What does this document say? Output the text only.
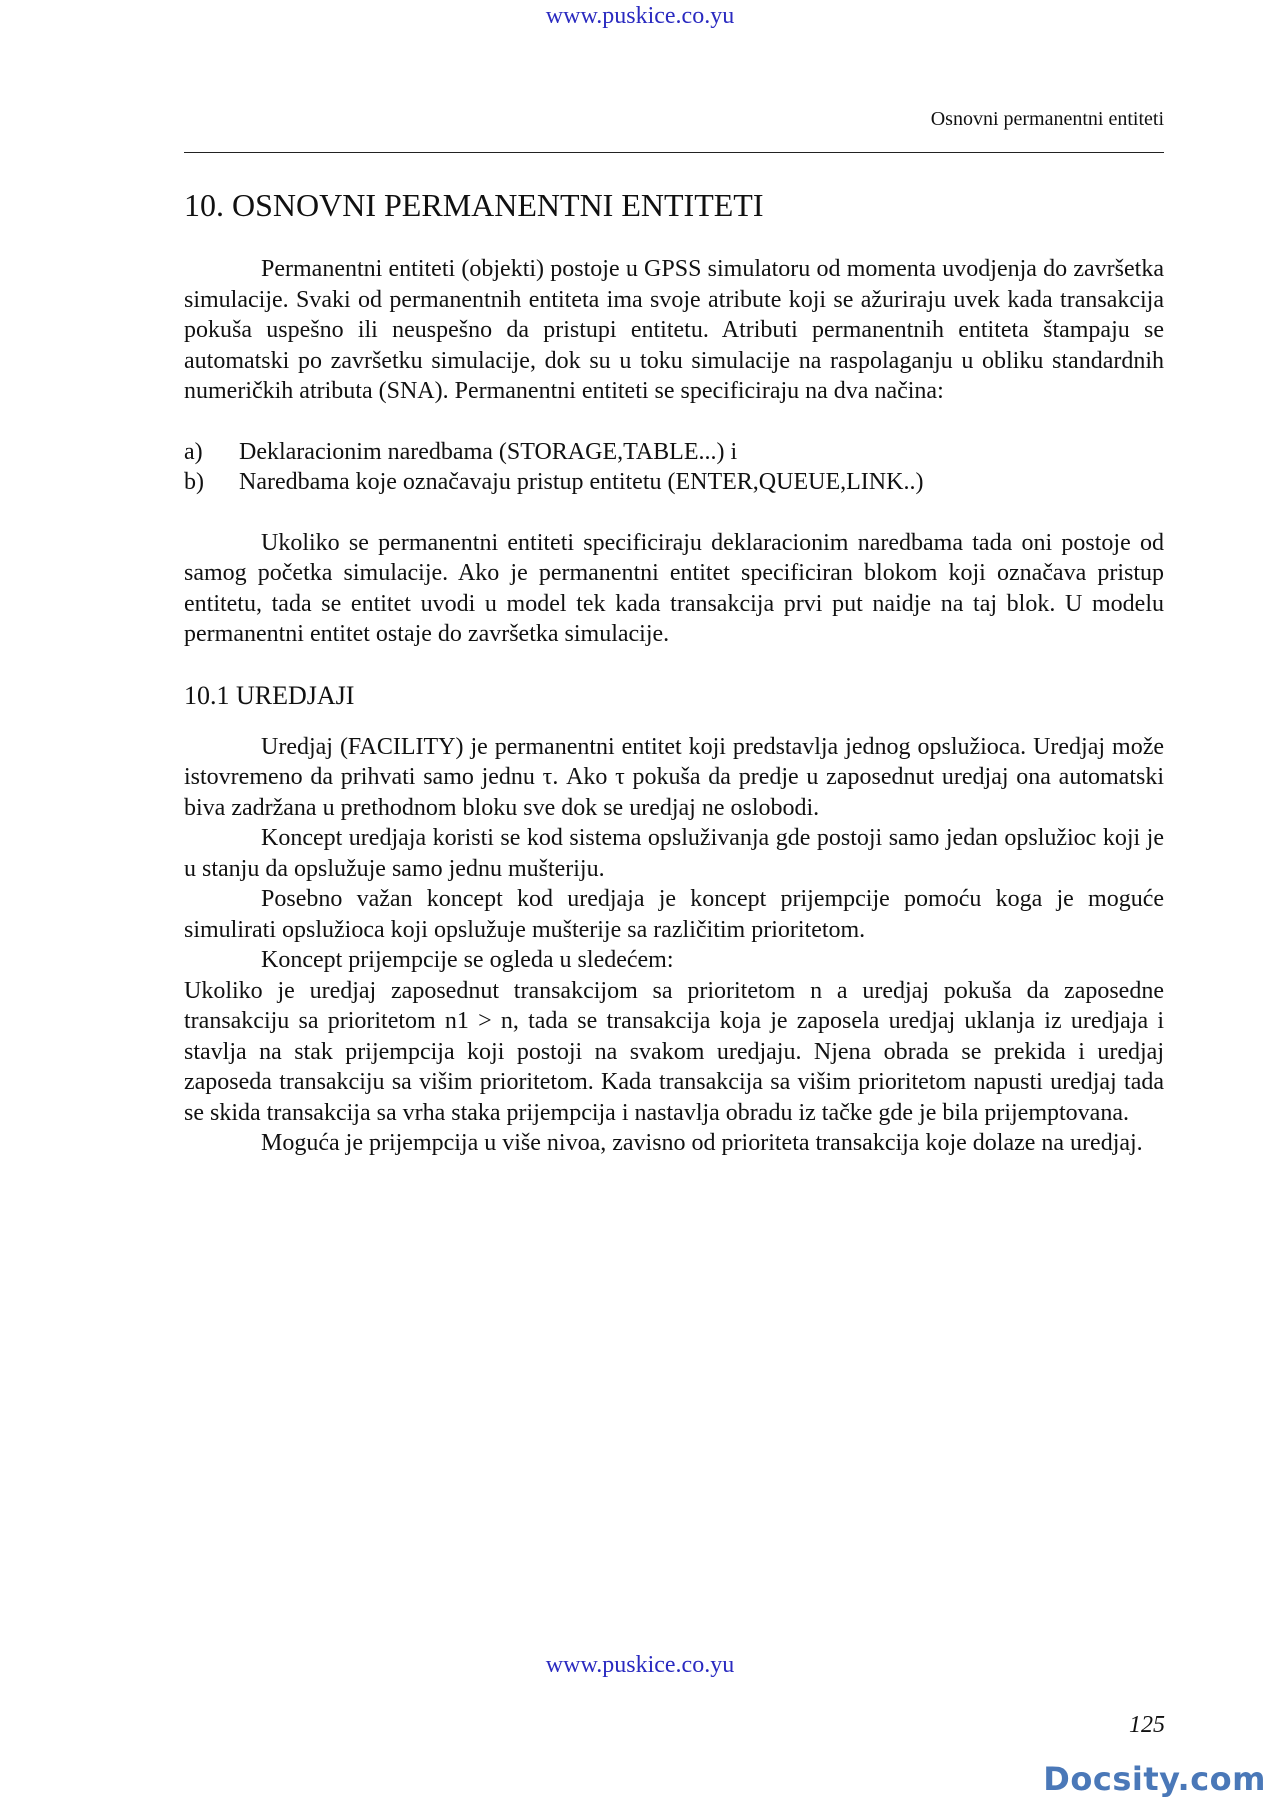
www.puskice.co.yu
Osnovni permanentni entiteti
10. OSNOVNI PERMANENTNI ENTITETI

Permanentni entiteti (objekti) postoje u GPSS simulatoru od momenta uvodjenja do završetka simulacije. Svaki od permanentnih entiteta ima svoje atribute koji se ažuriraju uvek kada transakcija pokuša uspešno ili neuspešno da pristupi entitetu. Atributi permanentnih entiteta štampaju se automatski po završetku simulacije, dok su u toku simulacije na raspolaganju u obliku standardnih numeričkih atributa (SNA). Permanentni entiteti se specificiraju na dva načina:

a)	Deklaracionim naredbama (STORAGE,TABLE...) i
b)	Naredbama koje označavaju pristup entitetu (ENTER,QUEUE,LINK..)

Ukoliko se permanentni entiteti specificiraju deklaracionim naredbama tada oni postoje od samog početka simulacije. Ako je permanentni entitet specificiran blokom koji označava pristup entitetu, tada se entitet uvodi u model tek kada transakcija prvi put naidje na taj blok. U modelu permanentni entitet ostaje do završetka simulacije.

10.1 UREDJAJI

Uredjaj (FACILITY) je permanentni entitet koji predstavlja jednog opslužioca. Uredjaj može istovremeno da prihvati samo jednu τ. Ako τ pokuša da predje u zaposednut uredjaj ona automatski biva zadržana u prethodnom bloku sve dok se uredjaj ne oslobodi.

Koncept uredjaja koristi se kod sistema opsluživanja gde postoji samo jedan opslužioc koji je u stanju da opslužuje samo jednu mušteriju.

Posebno važan koncept kod uredjaja je koncept prijempcije pomoću koga je moguće simulirati opslužioca koji opslužuje mušterije sa različitim prioritetom.

Koncept prijempcije se ogleda u sledećem:

Ukoliko je uredjaj zaposednut transakcijom sa prioritetom n a uredjaj pokuša da zaposedne transakciju sa prioritetom n1 > n, tada se transakcija koja je zaposela uredjaj uklanja iz uredjaja i stavlja na stak prijempcija koji postoji na svakom uredjaju. Njena obrada se prekida i uredjaj zaposeda transakciju sa višim prioritetom. Kada transakcija sa višim prioritetom napusti uredjaj tada se skida transakcija sa vrha staka prijempcija i nastavlja obradu iz tačke gde je bila prijemptovana.

Moguća je prijempcija u više nivoa, zavisno od prioriteta transakcija koje dolaze na uredjaj.

www.puskice.co.yu
125
Docsity.com
